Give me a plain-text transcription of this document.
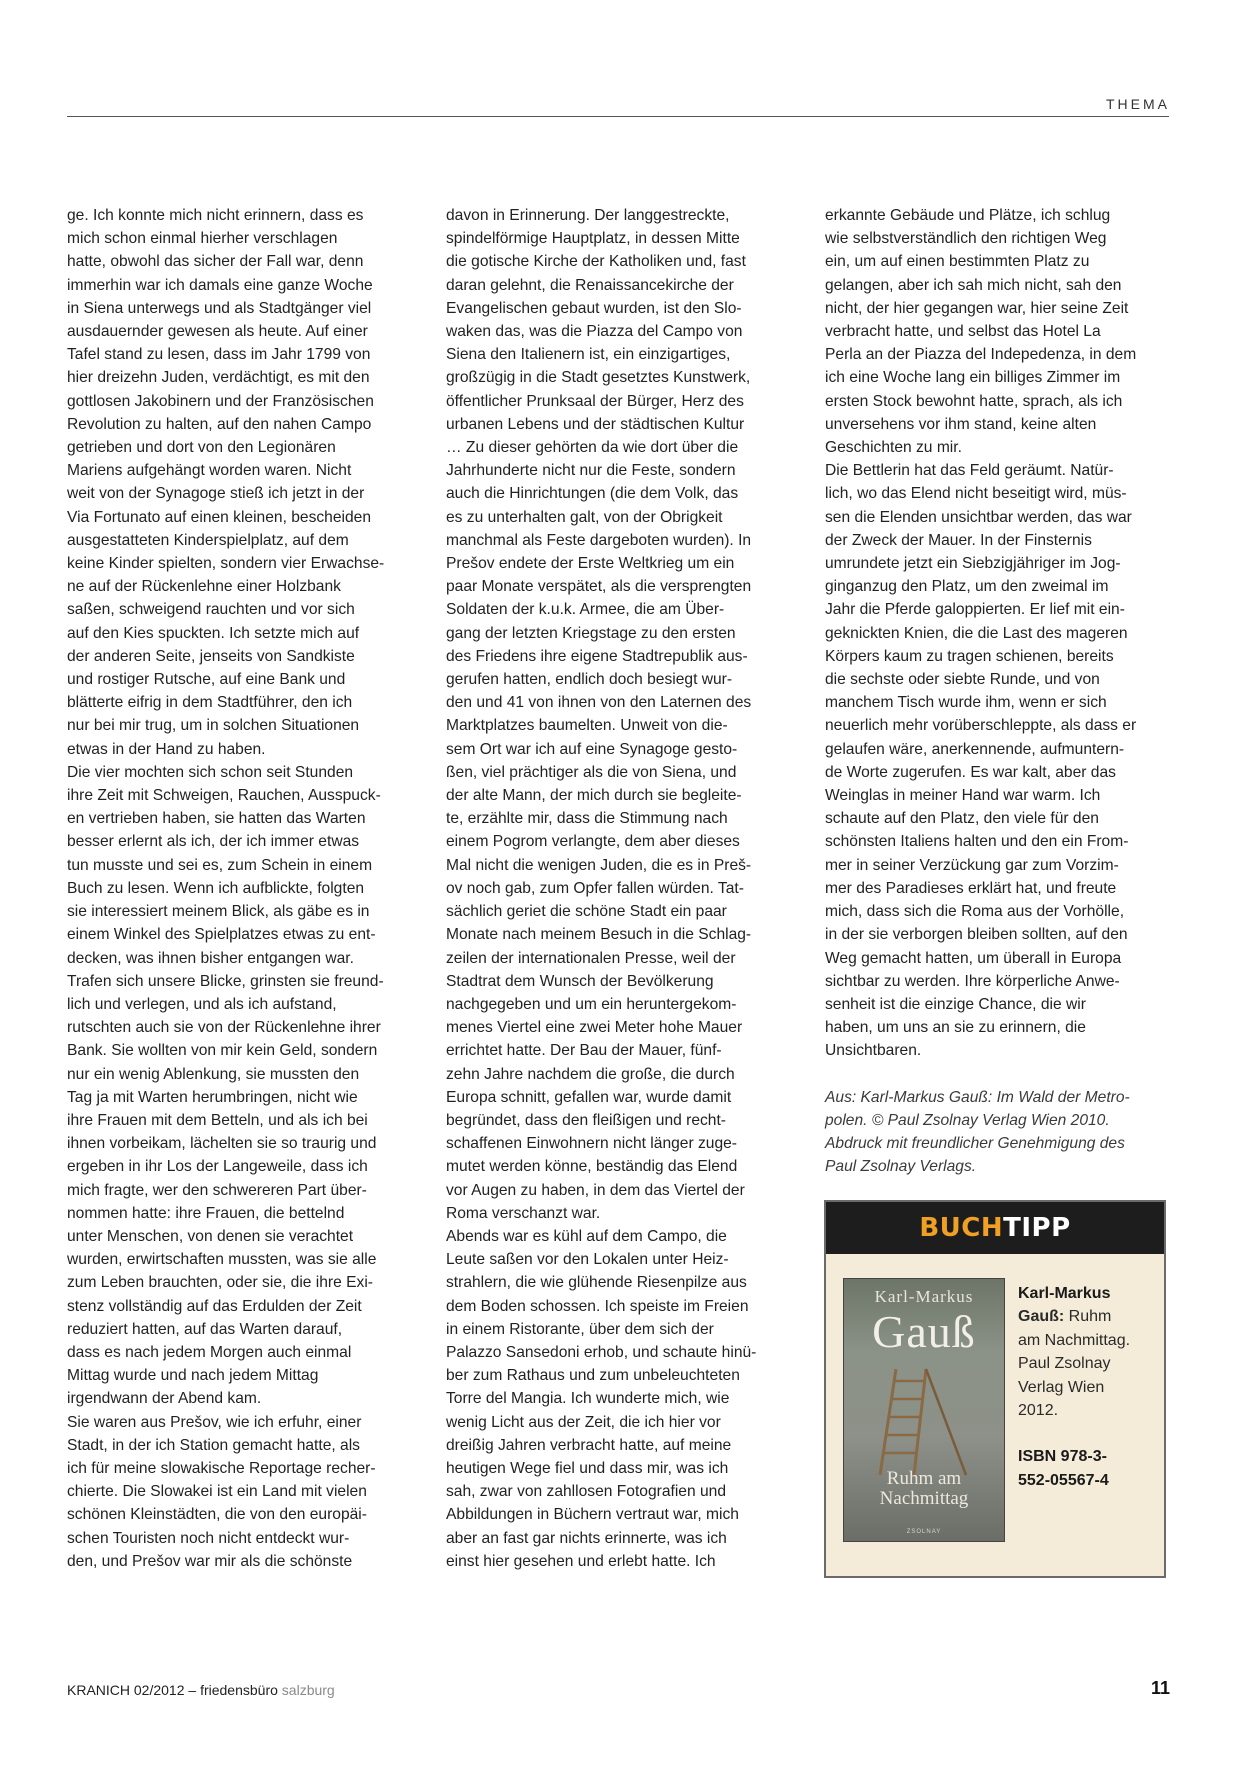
THEMA

ge. Ich konnte mich nicht erinnern, dass es
mich schon einmal hierher verschlagen
hatte, obwohl das sicher der Fall war, denn
immerhin war ich damals eine ganze Woche
in Siena unterwegs und als Stadtgänger viel
ausdauernder gewesen als heute. Auf einer
Tafel stand zu lesen, dass im Jahr 1799 von
hier dreizehn Juden, verdächtigt, es mit den
gottlosen Jakobinern und der Französischen
Revolution zu halten, auf den nahen Campo
getrieben und dort von den Legionären
Mariens aufgehängt worden waren. Nicht
weit von der Synagoge stieß ich jetzt in der
Via Fortunato auf einen kleinen, bescheiden
ausgestatteten Kinderspielplatz, auf dem
keine Kinder spielten, sondern vier Erwachse-
ne auf der Rückenlehne einer Holzbank
saßen, schweigend rauchten und vor sich
auf den Kies spuckten. Ich setzte mich auf
der anderen Seite, jenseits von Sandkiste
und rostiger Rutsche, auf eine Bank und
blätterte eifrig in dem Stadtführer, den ich
nur bei mir trug, um in solchen Situationen
etwas in der Hand zu haben.

Die vier mochten sich schon seit Stunden
ihre Zeit mit Schweigen, Rauchen, Ausspuck-
en vertrieben haben, sie hatten das Warten
besser erlernt als ich, der ich immer etwas
tun musste und sei es, zum Schein in einem
Buch zu lesen. Wenn ich aufblickte, folgten
sie interessiert meinem Blick, als gäbe es in
einem Winkel des Spielplatzes etwas zu ent-
decken, was ihnen bisher entgangen war.
Trafen sich unsere Blicke, grinsten sie freund-
lich und verlegen, und als ich aufstand,
rutschten auch sie von der Rückenlehne ihrer
Bank. Sie wollten von mir kein Geld, sondern
nur ein wenig Ablenkung, sie mussten den
Tag ja mit Warten herumbringen, nicht wie
ihre Frauen mit dem Betteln, und als ich bei
ihnen vorbeikam, lächelten sie so traurig und
ergeben in ihr Los der Langeweile, dass ich
mich fragte, wer den schwereren Part über-
nommen hatte: ihre Frauen, die bettelnd
unter Menschen, von denen sie verachtet
wurden, erwirtschaften mussten, was sie alle
zum Leben brauchten, oder sie, die ihre Exi-
stenz vollständig auf das Erdulden der Zeit
reduziert hatten, auf das Warten darauf,
dass es nach jedem Morgen auch einmal
Mittag wurde und nach jedem Mittag
irgendwann der Abend kam.

Sie waren aus Prešov, wie ich erfuhr, einer
Stadt, in der ich Station gemacht hatte, als
ich für meine slowakische Reportage recher-
chierte. Die Slowakei ist ein Land mit vielen
schönen Kleinstädten, die von den europäi-
schen Touristen noch nicht entdeckt wur-
den, und Prešov war mir als die schönste

davon in Erinnerung. Der langgestreckte,
spindelförmige Hauptplatz, in dessen Mitte
die gotische Kirche der Katholiken und, fast
daran gelehnt, die Renaissancekirche der
Evangelischen gebaut wurden, ist den Slo-
waken das, was die Piazza del Campo von
Siena den Italienern ist, ein einzigartiges,
großzügig in die Stadt gesetztes Kunstwerk,
öffentlicher Prunksaal der Bürger, Herz des
urbanen Lebens und der städtischen Kultur
… Zu dieser gehörten da wie dort über die
Jahrhunderte nicht nur die Feste, sondern
auch die Hinrichtungen (die dem Volk, das
es zu unterhalten galt, von der Obrigkeit
manchmal als Feste dargeboten wurden). In
Prešov endete der Erste Weltkrieg um ein
paar Monate verspätet, als die versprengten
Soldaten der k.u.k. Armee, die am Über-
gang der letzten Kriegstage zu den ersten
des Friedens ihre eigene Stadtrepublik aus-
gerufen hatten, endlich doch besiegt wur-
den und 41 von ihnen von den Laternen des
Marktplatzes baumelten. Unweit von die-
sem Ort war ich auf eine Synagoge gesto-
ßen, viel prächtiger als die von Siena, und
der alte Mann, der mich durch sie begleite-
te, erzählte mir, dass die Stimmung nach
einem Pogrom verlangte, dem aber dieses
Mal nicht die wenigen Juden, die es in Preš-
ov noch gab, zum Opfer fallen würden. Tat-
sächlich geriet die schöne Stadt ein paar
Monate nach meinem Besuch in die Schlag-
zeilen der internationalen Presse, weil der
Stadtrat dem Wunsch der Bevölkerung
nachgegeben und um ein heruntergekom-
menes Viertel eine zwei Meter hohe Mauer
errichtet hatte. Der Bau der Mauer, fünf-
zehn Jahre nachdem die große, die durch
Europa schnitt, gefallen war, wurde damit
begründet, dass den fleißigen und recht-
schaffenen Einwohnern nicht länger zuge-
mutet werden könne, beständig das Elend
vor Augen zu haben, in dem das Viertel der
Roma verschanzt war.

Abends war es kühl auf dem Campo, die
Leute saßen vor den Lokalen unter Heiz-
strahlern, die wie glühende Riesenpilze aus
dem Boden schossen. Ich speiste im Freien
in einem Ristorante, über dem sich der
Palazzo Sansedoni erhob, und schaute hinü-
ber zum Rathaus und zum unbeleuchteten
Torre del Mangia. Ich wunderte mich, wie
wenig Licht aus der Zeit, die ich hier vor
dreißig Jahren verbracht hatte, auf meine
heutigen Wege fiel und dass mir, was ich
sah, zwar von zahllosen Fotografien und
Abbildungen in Büchern vertraut war, mich
aber an fast gar nichts erinnerte, was ich
einst hier gesehen und erlebt hatte. Ich

erkannte Gebäude und Plätze, ich schlug
wie selbstverständlich den richtigen Weg
ein, um auf einen bestimmten Platz zu
gelangen, aber ich sah mich nicht, sah den
nicht, der hier gegangen war, hier seine Zeit
verbracht hatte, und selbst das Hotel La
Perla an der Piazza del Indepedenza, in dem
ich eine Woche lang ein billiges Zimmer im
ersten Stock bewohnt hatte, sprach, als ich
unversehens vor ihm stand, keine alten
Geschichten zu mir.

Die Bettlerin hat das Feld geräumt. Natür-
lich, wo das Elend nicht beseitigt wird, müs-
sen die Elenden unsichtbar werden, das war
der Zweck der Mauer. In der Finsternis
umrundete jetzt ein Siebzigjähriger im Jog-
ginganzug den Platz, um den zweimal im
Jahr die Pferde galoppierten. Er lief mit ein-
geknickten Knien, die die Last des mageren
Körpers kaum zu tragen schienen, bereits
die sechste oder siebte Runde, und von
manchem Tisch wurde ihm, wenn er sich
neuerlich mehr vorüberschleppte, als dass er
gelaufen wäre, anerkennende, aufmuntern-
de Worte zugerufen. Es war kalt, aber das
Weinglas in meiner Hand war warm. Ich
schaute auf den Platz, den viele für den
schönsten Italiens halten und den ein From-
mer in seiner Verzückung gar zum Vorzim-
mer des Paradieses erklärt hat, und freute
mich, dass sich die Roma aus der Vorhölle,
in der sie verborgen bleiben sollten, auf den
Weg gemacht hatten, um überall in Europa
sichtbar zu werden. Ihre körperliche Anwe-
senheit ist die einzige Chance, die wir
haben, um uns an sie zu erinnern, die
Unsichtbaren.

Aus: Karl-Markus Gauß: Im Wald der Metro-
polen. © Paul Zsolnay Verlag Wien 2010.
Abdruck mit freundlicher Genehmigung des
Paul Zsolnay Verlags.

BUCHTIPP
Karl-Markus
Gauß
Ruhm am
Nachmittag
ZSOLNAY
Karl-Markus
Gauß: Ruhm
am Nachmittag.
Paul Zsolnay
Verlag Wien
2012.
ISBN 978-3-
552-05567-4
KRANICH 02/2012 – friedensbüro salzburg	11
